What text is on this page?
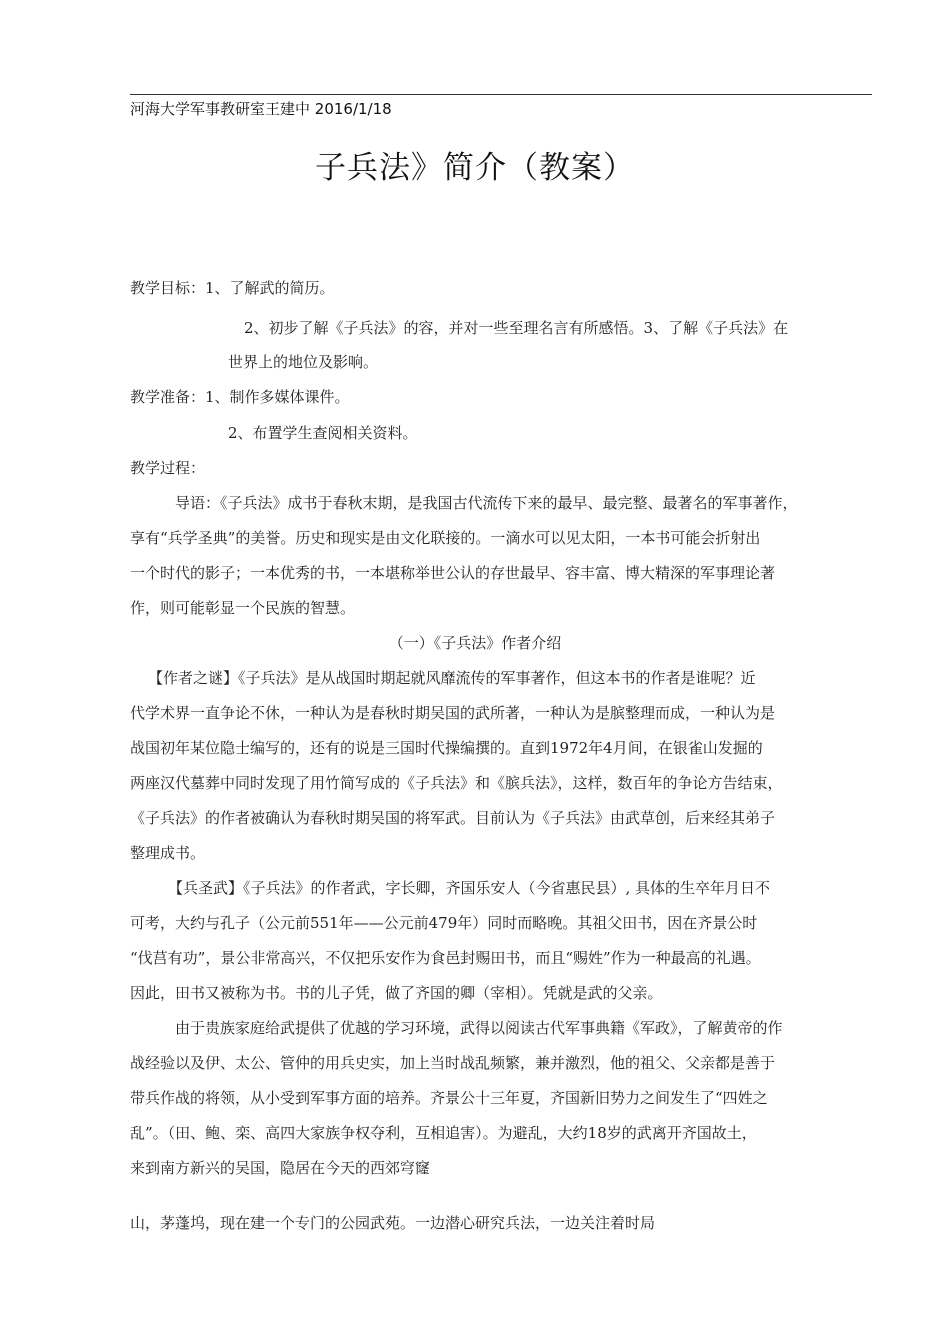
河海大学军事教研室王建中 2016/1/18
子兵法》简介（教案）
教学目标：1、了解武的简历。
2、初步了解《子兵法》的容，并对一些至理名言有所感悟。3、了解《子兵法》在
世界上的地位及影响。
教学准备：1、制作多媒体课件。
2、布置学生查阅相关资料。
教学过程：
导语：《子兵法》成书于春秋末期，是我国古代流传下来的最早、最完整、最著名的军事著作，
享有“兵学圣典”的美誉。历史和现实是由文化联接的。一滴水可以见太阳，一本书可能会折射出
一个时代的影子；一本优秀的书，一本堪称举世公认的存世最早、容丰富、博大精深的军事理论著
作，则可能彰显一个民族的智慧。
（一）《子兵法》作者介绍
【作者之谜】《子兵法》是从战国时期起就风靡流传的军事著作，但这本书的作者是谁呢？近
代学术界一直争论不休，一种认为是春秋时期吴国的武所著，一种认为是膑整理而成，一种认为是
战国初年某位隐士编写的，还有的说是三国时代操编撰的。直到1972年4月间，在银雀山发掘的
两座汉代墓葬中同时发现了用竹简写成的《子兵法》和《膑兵法》，这样，数百年的争论方告结束，
《子兵法》的作者被确认为春秋时期吴国的将军武。目前认为《子兵法》由武草创，后来经其弟子
整理成书。
【兵圣武】《子兵法》的作者武，字长卿，齐国乐安人（今省惠民县）, 具体的生卒年月日不
可考，大约与孔子（公元前551年——公元前479年）同时而略晚。其祖父田书，因在齐景公时
“伐莒有功”，景公非常高兴，不仅把乐安作为食邑封赐田书，而且“赐姓”作为一种最高的礼遇。
因此，田书又被称为书。书的儿子凭，做了齐国的卿（宰相）。凭就是武的父亲。
由于贵族家庭给武提供了优越的学习环境，武得以阅读古代军事典籍《军政》，了解黄帝的作
战经验以及伊、太公、管仲的用兵史实，加上当时战乱频繁，兼并激烈，他的祖父、父亲都是善于
带兵作战的将领，从小受到军事方面的培养。齐景公十三年夏，齐国新旧势力之间发生了“四姓之
乱”。（田、鲍、栾、高四大家族争权夺利，互相追害）。为避乱，大约18岁的武离开齐国故土，
来到南方新兴的吴国，隐居在今天的西郊穹窿
山，茅蓬坞，现在建一个专门的公园武苑。一边潜心研究兵法，一边关注着时局
